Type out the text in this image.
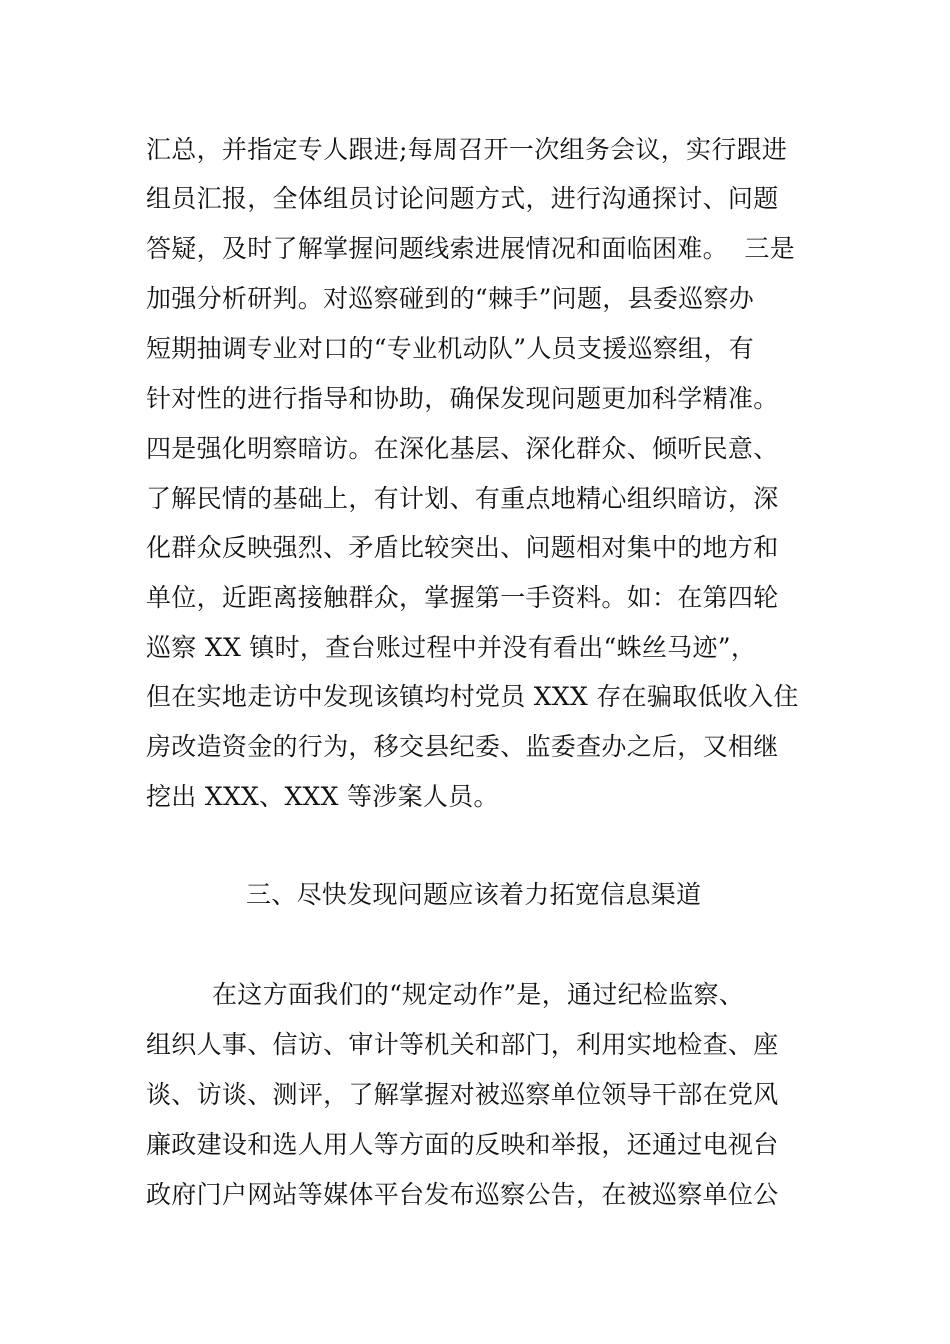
汇总，并指定专人跟进;每周召开一次组务会议，实行跟进
组员汇报，全体组员讨论问题方式，进行沟通探讨、问题
答疑，及时了解掌握问题线索进展情况和面临困难。  三是
加强分析研判。对巡察碰到的“棘手”问题，县委巡察办
短期抽调专业对口的“专业机动队”人员支援巡察组，有
针对性的进行指导和协助，确保发现问题更加科学精准。
四是强化明察暗访。在深化基层、深化群众、倾听民意、
了解民情的基础上，有计划、有重点地精心组织暗访，深
化群众反映强烈、矛盾比较突出、问题相对集中的地方和
单位，近距离接触群众，掌握第一手资料。如：在第四轮
巡察 XX 镇时，查台账过程中并没有看出“蛛丝马迹”，
但在实地走访中发现该镇均村党员 XXX 存在骗取低收入住
房改造资金的行为，移交县纪委、监委查办之后，又相继
挖出 XXX、XXX 等涉案人员。
三、尽快发现问题应该着力拓宽信息渠道
在这方面我们的“规定动作”是，通过纪检监察、
组织人事、信访、审计等机关和部门，利用实地检查、座
谈、访谈、测评，了解掌握对被巡察单位领导干部在党风
廉政建设和选人用人等方面的反映和举报，还通过电视台
政府门户网站等媒体平台发布巡察公告，在被巡察单位公
